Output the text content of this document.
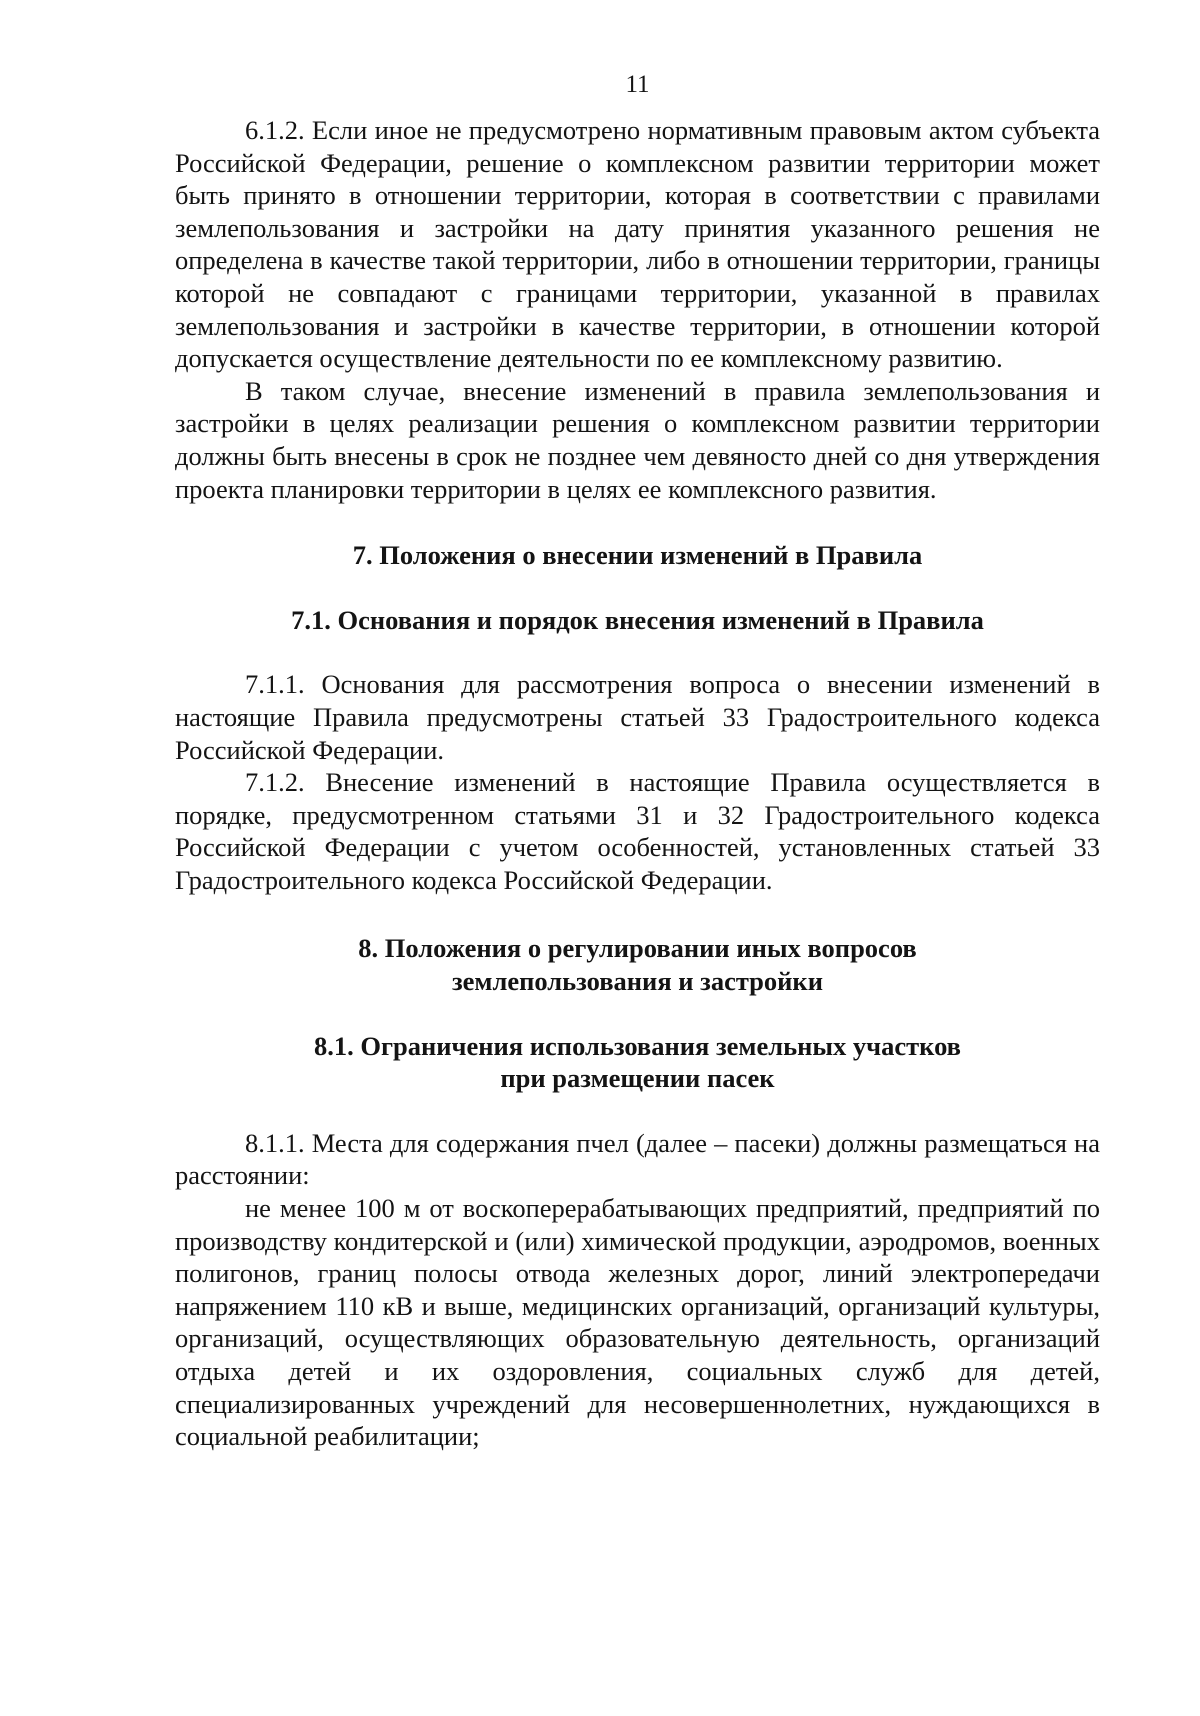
11

6.1.2. Если иное не предусмотрено нормативным правовым актом субъекта Российской Федерации, решение о комплексном развитии территории может быть принято в отношении территории, которая в соответствии с правилами землепользования и застройки на дату принятия указанного решения не определена в качестве такой территории, либо в отношении территории, границы которой не совпадают с границами территории, указанной в правилах землепользования и застройки в качестве территории, в отношении которой допускается осуществление деятельности по ее комплексному развитию.

В таком случае, внесение изменений в правила землепользования и застройки в целях реализации решения о комплексном развитии территории должны быть внесены в срок не позднее чем девяносто дней со дня утверждения проекта планировки территории в целях ее комплексного развития.

7. Положения о внесении изменений в Правила
7.1. Основания и порядок внесения изменений в Правила

7.1.1. Основания для рассмотрения вопроса о внесении изменений в настоящие Правила предусмотрены статьей 33 Градостроительного кодекса Российской Федерации.

7.1.2. Внесение изменений в настоящие Правила осуществляется в порядке, предусмотренном статьями 31 и 32 Градостроительного кодекса Российской Федерации с учетом особенностей, установленных статьей 33 Градостроительного кодекса Российской Федерации.

8. Положения о регулировании иных вопросов
землепользования и застройки
8.1. Ограничения использования земельных участков
при размещении пасек

8.1.1. Места для содержания пчел (далее – пасеки) должны размещаться на расстоянии:

не менее 100 м от воскоперерабатывающих предприятий, предприятий по производству кондитерской и (или) химической продукции, аэродромов, военных полигонов, границ полосы отвода железных дорог, линий электропередачи напряжением 110 кВ и выше, медицинских организаций, организаций культуры, организаций, осуществляющих образовательную деятельность, организаций отдыха детей и их оздоровления, социальных служб для детей, специализированных учреждений для несовершеннолетних, нуждающихся в социальной реабилитации;
